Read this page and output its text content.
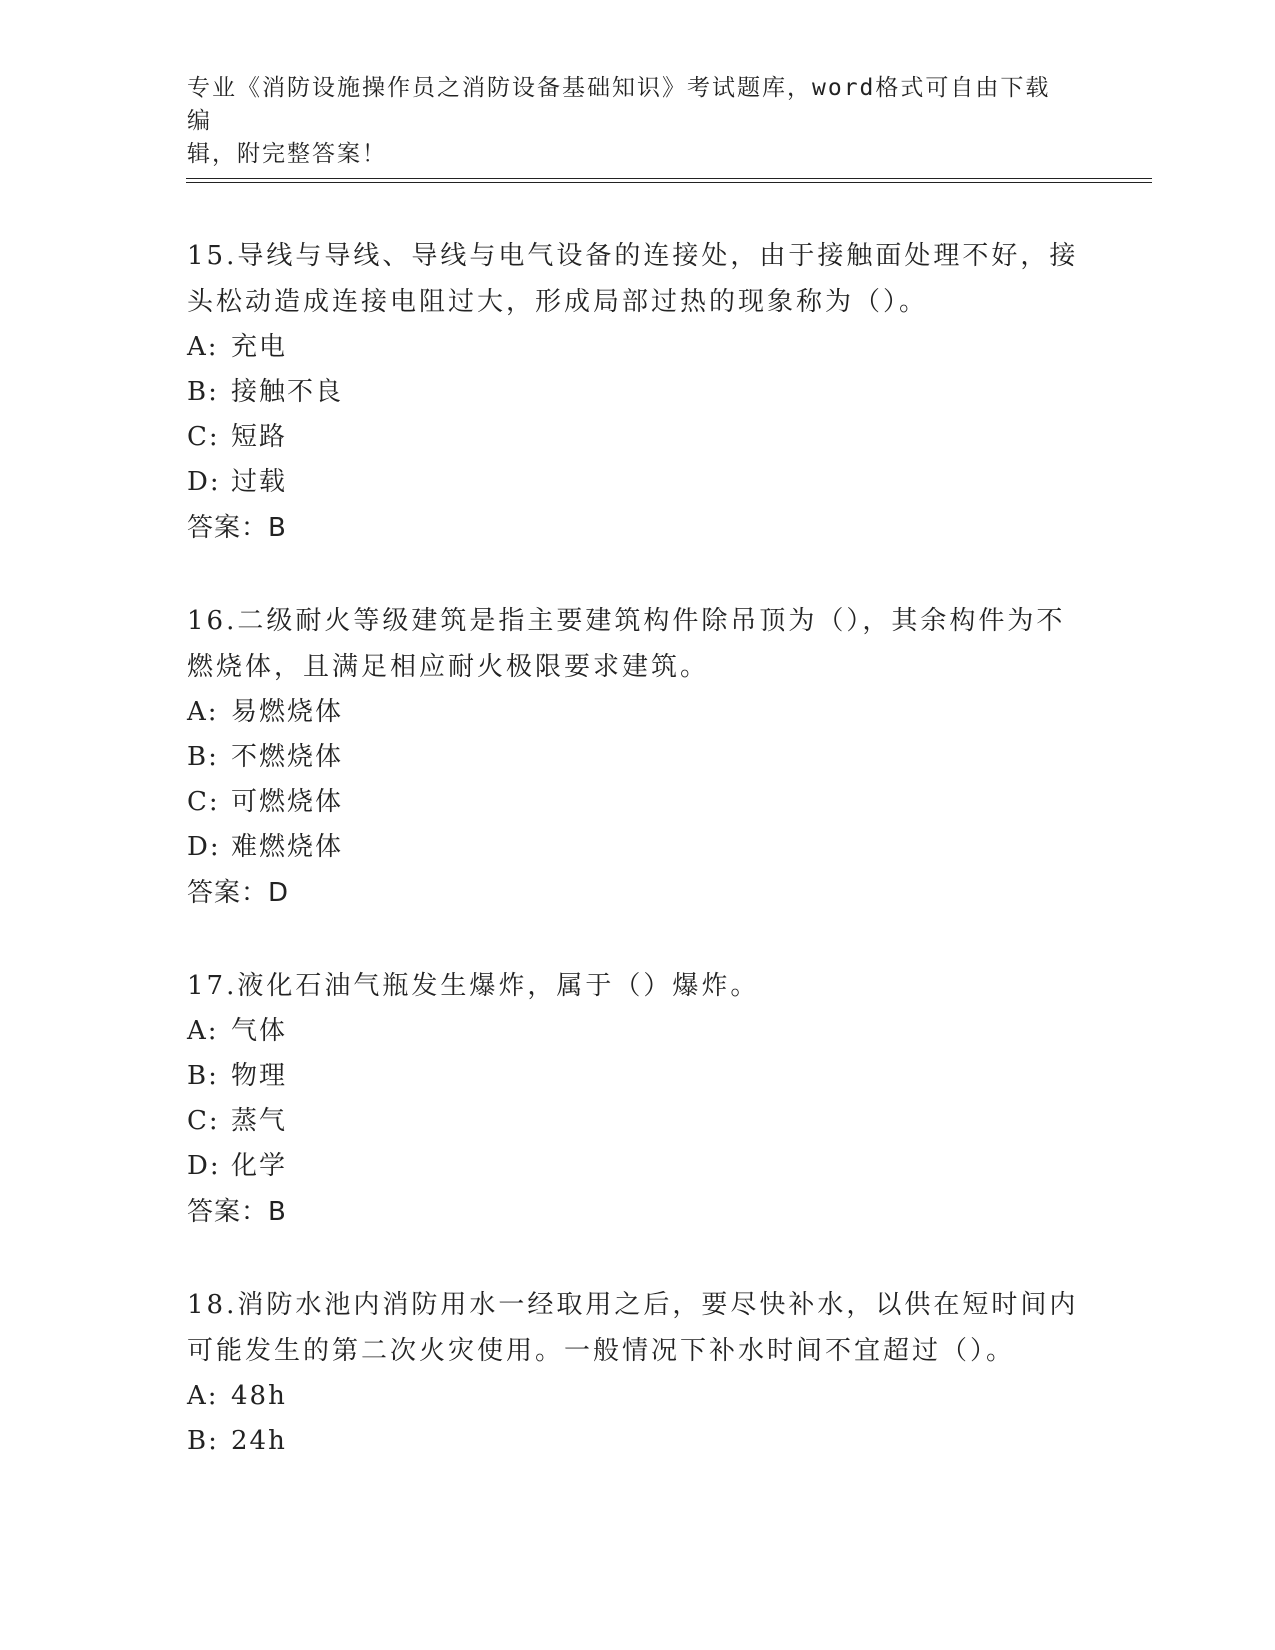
专业《消防设施操作员之消防设备基础知识》考试题库，word格式可自由下载编
辑，附完整答案！

15.导线与导线、导线与电气设备的连接处，由于接触面处理不好，接头松动造成连接电阻过大，形成局部过热的现象称为（）。

A: 充电
B: 接触不良
C: 短路
D: 过载
答案：B

16.二级耐火等级建筑是指主要建筑构件除吊顶为（），其余构件为不燃烧体，且满足相应耐火极限要求建筑。

A: 易燃烧体
B: 不燃烧体
C: 可燃烧体
D: 难燃烧体
答案：D

17.液化石油气瓶发生爆炸，属于（）爆炸。

A: 气体
B: 物理
C: 蒸气
D: 化学
答案：B

18.消防水池内消防用水一经取用之后，要尽快补水，以供在短时间内可能发生的第二次火灾使用。一般情况下补水时间不宜超过（）。

A: 48h
B: 24h
